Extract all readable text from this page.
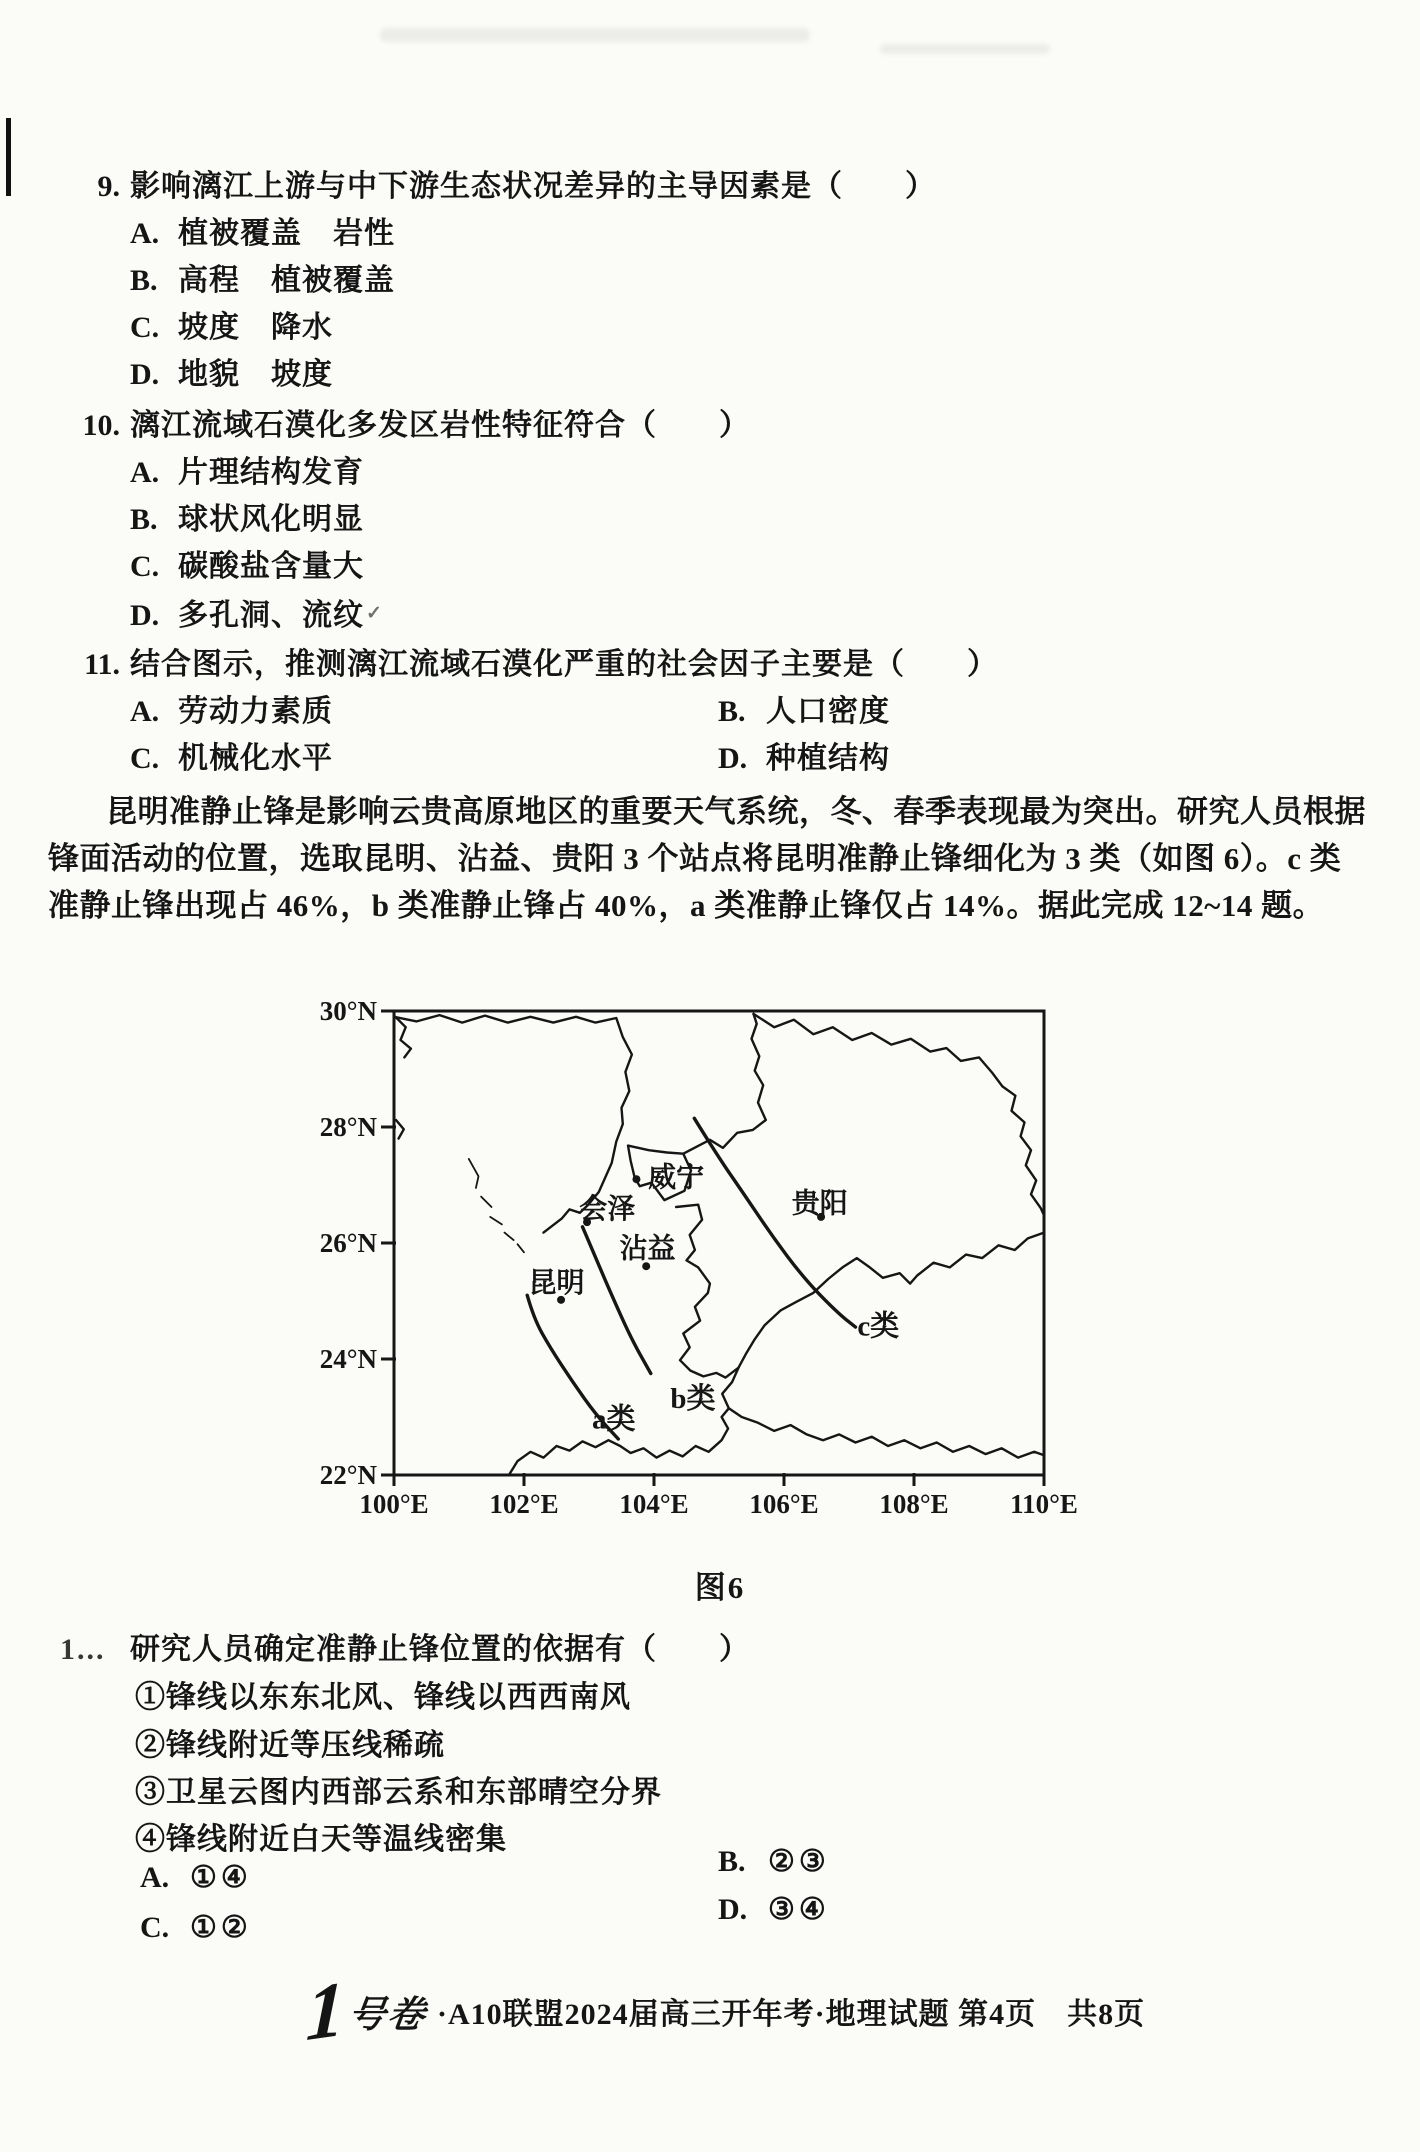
9. 影响漓江上游与中下游生态状况差异的主导因素是（　　）
A. 植被覆盖　岩性
B. 高程　植被覆盖
C. 坡度　降水
D. 地貌　坡度
10. 漓江流域石漠化多发区岩性特征符合（　　）
A. 片理结构发育
B. 球状风化明显
C. 碳酸盐含量大
D. 多孔洞、流纹 ✓
11. 结合图示，推测漓江流域石漠化严重的社会因子主要是（　　）
A. 劳动力素质	B. 人口密度
C. 机械化水平	D. 种植结构
昆明准静止锋是影响云贵高原地区的重要天气系统，冬、春季表现最为突出。研究人员根据
锋面活动的位置，选取昆明、沾益、贵阳 3 个站点将昆明准静止锋细化为 3 类（如图 6）。c 类
准静止锋出现占 46%，b 类准静止锋占 40%，a 类准静止锋仅占 14%。据此完成 12~14 题。
30°N
28°N
26°N
24°N
22°N
100°E 102°E 104°E 106°E 108°E 110°E
a类
b类
c类
威宁
会泽
沾益
昆明
贵阳
图6
1... 研究人员确定准静止锋位置的依据有（　　）
①锋线以东东北风、锋线以西西南风
②锋线附近等压线稀疏
③卫星云图内西部云系和东部晴空分界
④锋线附近白天等温线密集
A. ①④	B. ②③
C. ①②
D. ③④
1 号卷 ·A10联盟2024届高三开年考·地理试题 第4页　共8页
